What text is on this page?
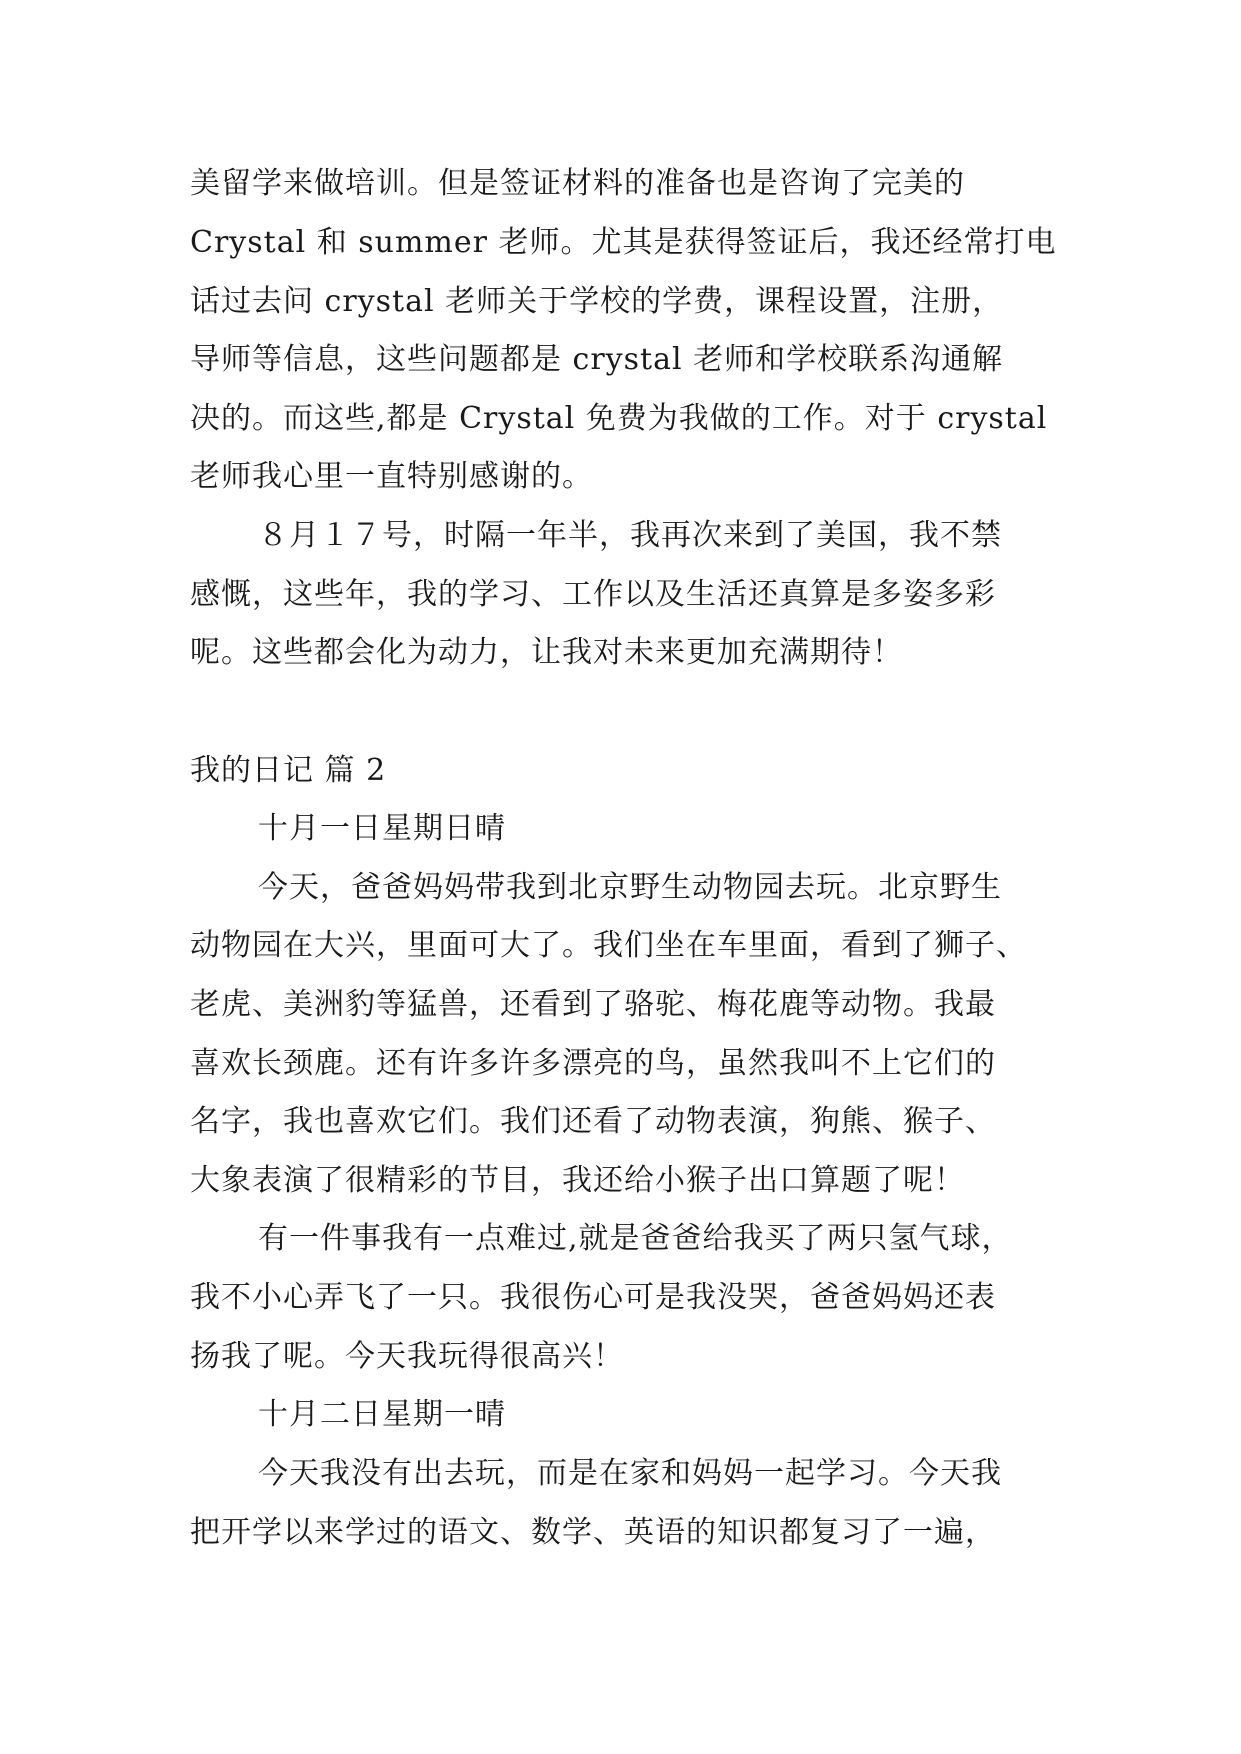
美留学来做培训。但是签证材料的准备也是咨询了完美的
Crystal 和 summer 老师。尤其是获得签证后，我还经常打电
话过去问 crystal 老师关于学校的学费，课程设置，注册，
导师等信息，这些问题都是 crystal 老师和学校联系沟通解
决的。而这些,都是 Crystal 免费为我做的工作。对于 crystal
老师我心里一直特别感谢的。
８月１７号，时隔一年半，我再次来到了美国，我不禁
感慨，这些年，我的学习、工作以及生活还真算是多姿多彩
呢。这些都会化为动力，让我对未来更加充满期待！
我的日记 篇 2
十月一日星期日晴
今天，爸爸妈妈带我到北京野生动物园去玩。北京野生
动物园在大兴，里面可大了。我们坐在车里面，看到了狮子、
老虎、美洲豹等猛兽，还看到了骆驼、梅花鹿等动物。我最
喜欢长颈鹿。还有许多许多漂亮的鸟，虽然我叫不上它们的
名字，我也喜欢它们。我们还看了动物表演，狗熊、猴子、
大象表演了很精彩的节目，我还给小猴子出口算题了呢！
有一件事我有一点难过,就是爸爸给我买了两只氢气球，
我不小心弄飞了一只。我很伤心可是我没哭，爸爸妈妈还表
扬我了呢。今天我玩得很高兴！
十月二日星期一晴
今天我没有出去玩，而是在家和妈妈一起学习。今天我
把开学以来学过的语文、数学、英语的知识都复习了一遍，
